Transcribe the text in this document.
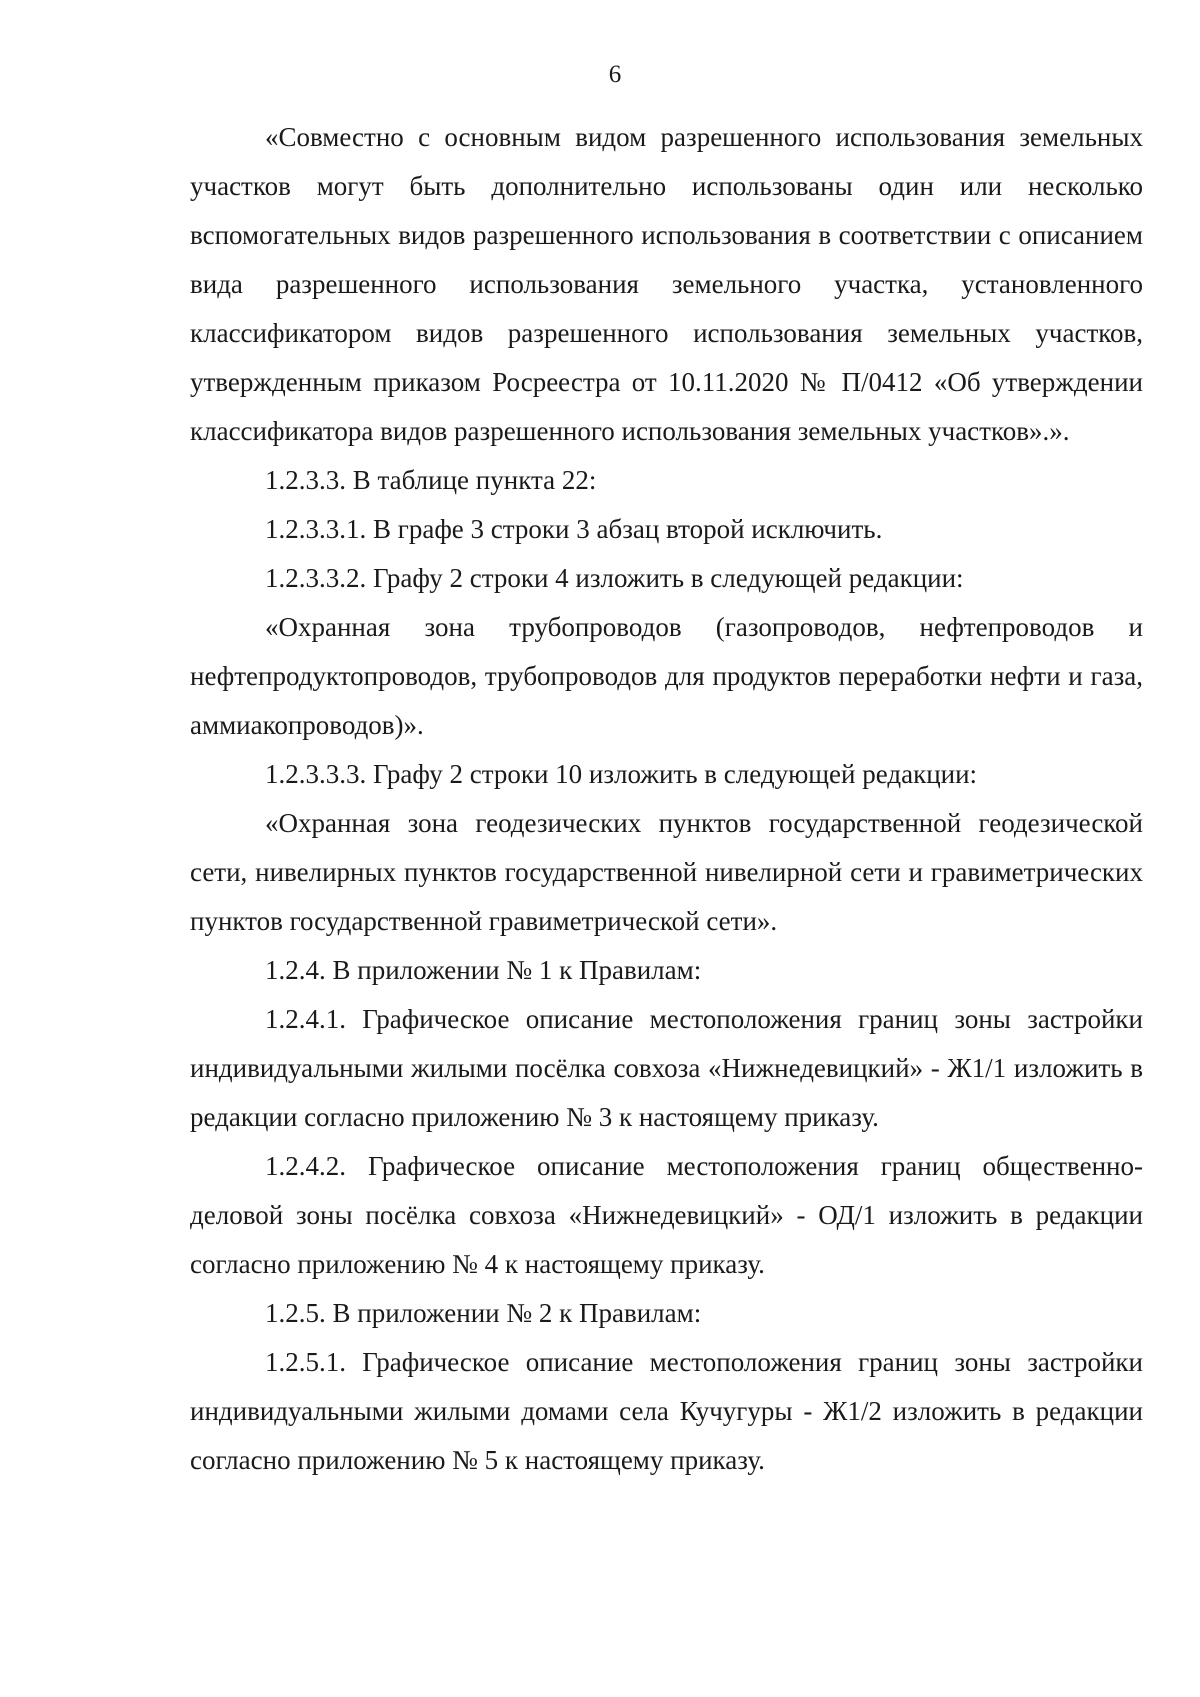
6

«Совместно с основным видом разрешенного использования земельных участков могут быть дополнительно использованы один или несколько вспомогательных видов разрешенного использования в соответствии с описанием вида разрешенного использования земельного участка, установленного классификатором видов разрешенного использования земельных участков, утвержденным приказом Росреестра от 10.11.2020 № П/0412 «Об утверждении классификатора видов разрешенного использования земельных участков».».

1.2.3.3. В таблице пункта 22:

1.2.3.3.1. В графе 3 строки 3 абзац второй исключить.

1.2.3.3.2. Графу 2 строки 4 изложить в следующей редакции:

«Охранная зона трубопроводов (газопроводов, нефтепроводов и нефтепродуктопроводов, трубопроводов для продуктов переработки нефти и газа, аммиакопроводов)».

1.2.3.3.3. Графу 2 строки 10 изложить в следующей редакции:

«Охранная зона геодезических пунктов государственной геодезической сети, нивелирных пунктов государственной нивелирной сети и гравиметрических пунктов государственной гравиметрической сети».

1.2.4. В приложении № 1 к Правилам:

1.2.4.1. Графическое описание местоположения границ зоны застройки индивидуальными жилыми посёлка совхоза «Нижнедевицкий» - Ж1/1 изложить в редакции согласно приложению № 3 к настоящему приказу.

1.2.4.2. Графическое описание местоположения границ общественно-деловой зоны посёлка совхоза «Нижнедевицкий» - ОД/1 изложить в редакции согласно приложению № 4 к настоящему приказу.

1.2.5. В приложении № 2 к Правилам:

1.2.5.1. Графическое описание местоположения границ зоны застройки индивидуальными жилыми домами села Кучугуры - Ж1/2 изложить в редакции согласно приложению № 5 к настоящему приказу.
